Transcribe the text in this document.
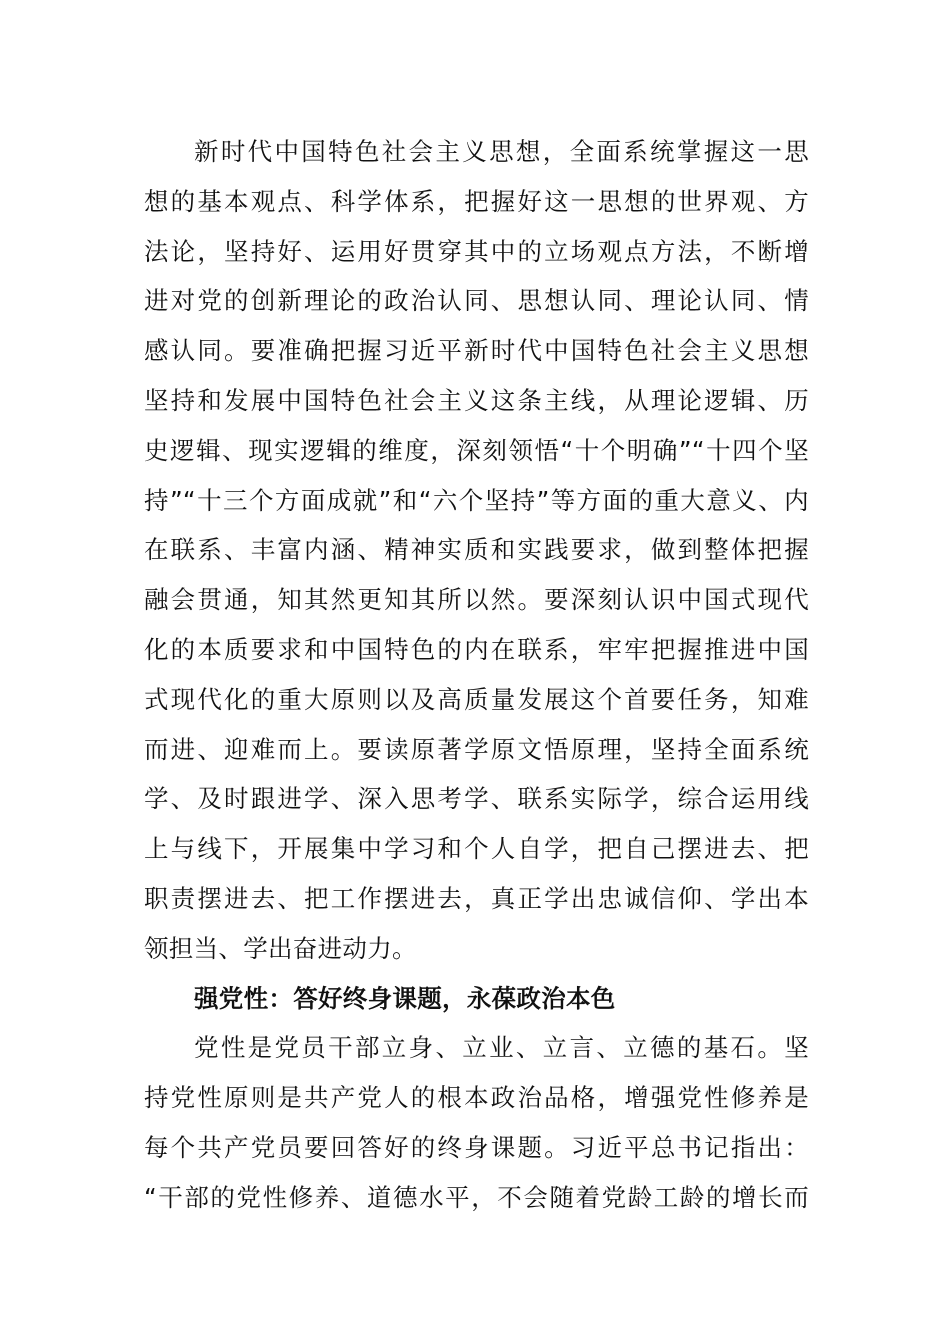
新时代中国特色社会主义思想，全面系统掌握这一思
想的基本观点、科学体系，把握好这一思想的世界观、方
法论，坚持好、运用好贯穿其中的立场观点方法，不断增
进对党的创新理论的政治认同、思想认同、理论认同、情
感认同。要准确把握习近平新时代中国特色社会主义思想
坚持和发展中国特色社会主义这条主线，从理论逻辑、历
史逻辑、现实逻辑的维度，深刻领悟“十个明确”“十四个坚
持”“十三个方面成就”和“六个坚持”等方面的重大意义、内
在联系、丰富内涵、精神实质和实践要求，做到整体把握
融会贯通，知其然更知其所以然。要深刻认识中国式现代
化的本质要求和中国特色的内在联系，牢牢把握推进中国
式现代化的重大原则以及高质量发展这个首要任务，知难
而进、迎难而上。要读原著学原文悟原理，坚持全面系统
学、及时跟进学、深入思考学、联系实际学，综合运用线
上与线下，开展集中学习和个人自学，把自己摆进去、把
职责摆进去、把工作摆进去，真正学出忠诚信仰、学出本
领担当、学出奋进动力。
强党性：答好终身课题，永葆政治本色
党性是党员干部立身、立业、立言、立德的基石。坚
持党性原则是共产党人的根本政治品格，增强党性修养是
每个共产党员要回答好的终身课题。习近平总书记指出：
“干部的党性修养、道德水平，不会随着党龄工龄的增长而
